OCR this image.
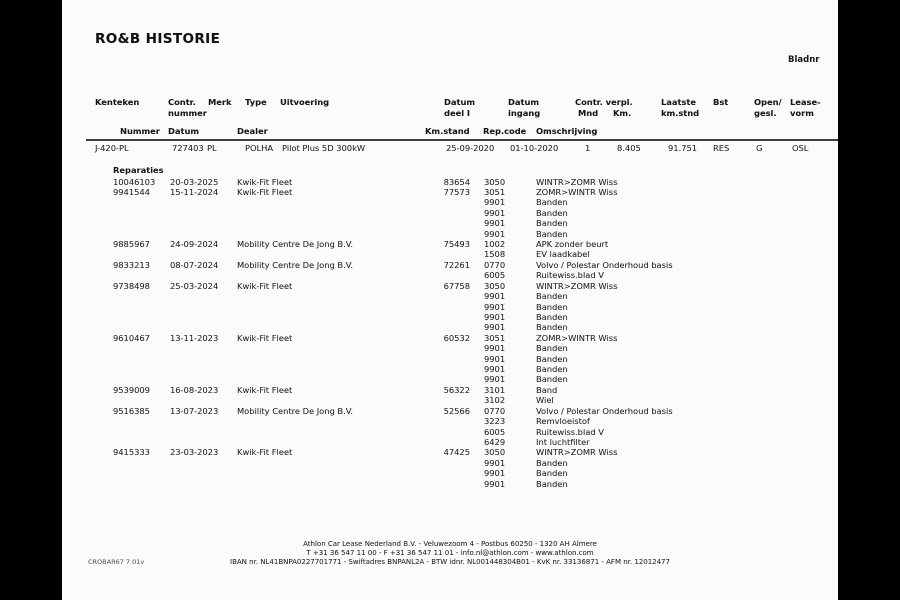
RO&B HISTORIE
Bladnr
Kenteken	Contr.
nummer
Merk Type Uitvoering	Datum
deel I
Datum
ingang
Contr. verpl.
Mnd Km.
Laatste
km.stnd
Bst	Open/
gesl.
Lease-
vorm
Nummer Datum	Dealer	Km.stand Rep.code Omschrijving
J-420-PL	727403 PL	POLHA Pilot Plus 5D 300kW	25-09-2020 01-10-2020	1	8.405	91.751 RES	G	OSL
Reparaties
10046103 20-03-2025 Kwik-Fit Fleet	83654 3050	WINTR>ZOMR Wiss
9941544 15-11-2024 Kwik-Fit Fleet	77573 3051	ZOMR>WINTR Wiss
9901	Banden
9901	Banden
9901	Banden
9901	Banden
9885967 24-09-2024 Mobility Centre De Jong B.V.	75493 1002	APK zonder beurt
1508	EV laadkabel
9833213 08-07-2024 Mobility Centre De Jong B.V.	72261 0770	Volvo / Polestar Onderhoud basis
6005	Ruitewiss.blad V
9738498 25-03-2024 Kwik-Fit Fleet	67758 3050	WINTR>ZOMR Wiss
9901	Banden
9901	Banden
9901	Banden
9901	Banden
9610467 13-11-2023 Kwik-Fit Fleet	60532 3051	ZOMR>WINTR Wiss
9901	Banden
9901	Banden
9901	Banden
9901	Banden
9539009 16-08-2023 Kwik-Fit Fleet	56322 3101	Band
3102	Wiel
9516385 13-07-2023 Mobility Centre De Jong B.V.	52566 0770	Volvo / Polestar Onderhoud basis
3223	Remvloeistof
6005	Ruitewiss.blad V
6429	Int luchtfilter
9415333 23-03-2023 Kwik-Fit Fleet	47425 3050	WINTR>ZOMR Wiss
9901	Banden
9901	Banden
9901	Banden
Athlon Car Lease Nederland B.V. - Veluwezoom 4 - Postbus 60250 - 1320 AH Almere
T +31 36 547 11 00 - F +31 36 547 11 01 - info.nl@athlon.com - www.athlon.com
IBAN nr. NL41BNPA0227701771 - Swiftadres BNPANL2A - BTW idnr. NL001448304B01 - KvK nr. 33136871 - AFM nr. 12012477
CROBAR67 7.01v
